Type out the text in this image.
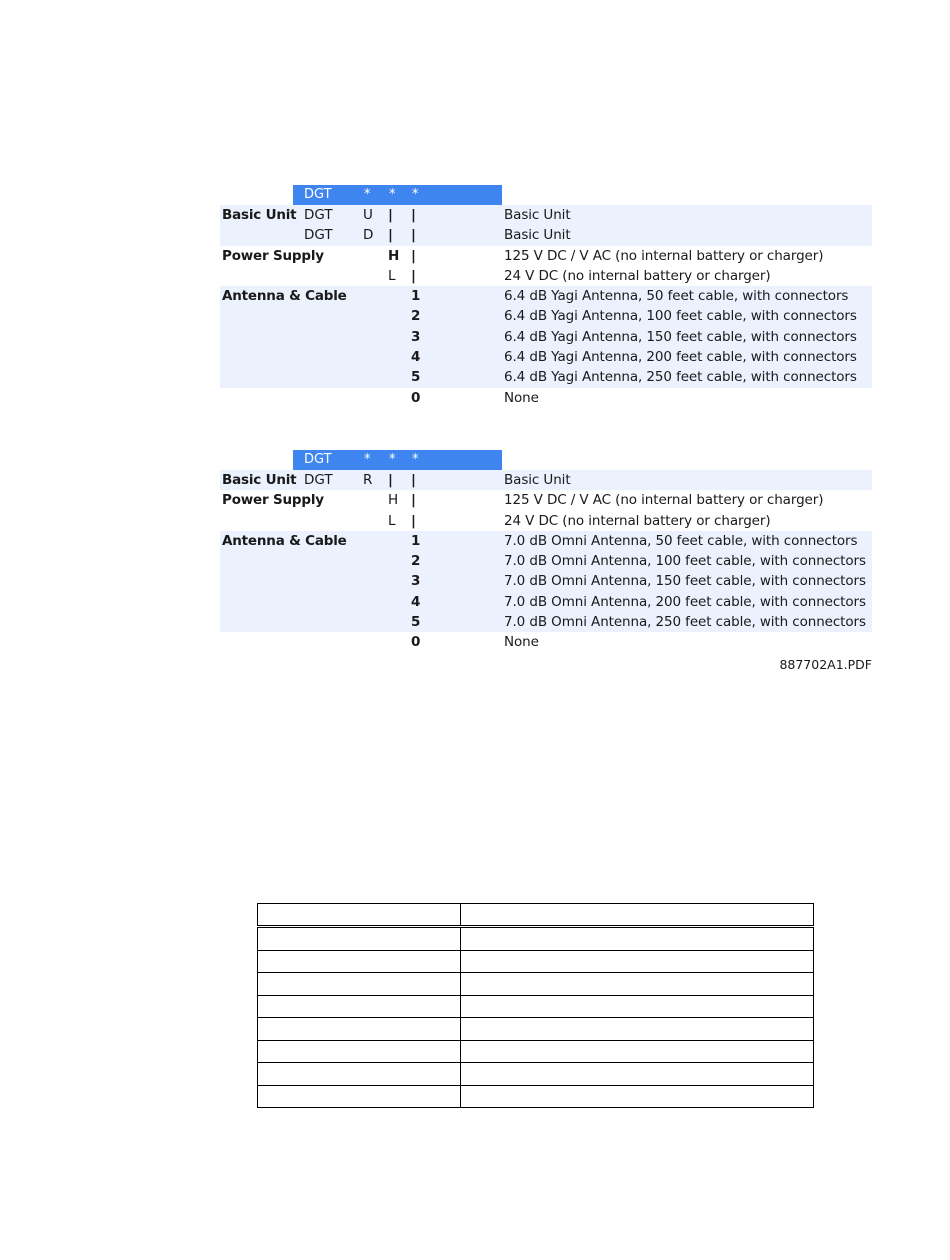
DGT * * *
Basic Unit DGT U | |	Basic Unit
DGT D | |	Basic Unit
Power Supply	H |	125 V DC / V AC (no internal battery or charger)
L |	24 V DC (no internal battery or charger)
Antenna & Cable	1	6.4 dB Yagi Antenna, 50 feet cable, with connectors
2	6.4 dB Yagi Antenna, 100 feet cable, with connectors
3	6.4 dB Yagi Antenna, 150 feet cable, with connectors
4	6.4 dB Yagi Antenna, 200 feet cable, with connectors
5	6.4 dB Yagi Antenna, 250 feet cable, with connectors
0	None
DGT * * *
Basic Unit DGT R | |	Basic Unit
Power Supply	H |	125 V DC / V AC (no internal battery or charger)
L |	24 V DC (no internal battery or charger)
Antenna & Cable	1	7.0 dB Omni Antenna, 50 feet cable, with connectors
2	7.0 dB Omni Antenna, 100 feet cable, with connectors
3	7.0 dB Omni Antenna, 150 feet cable, with connectors
4	7.0 dB Omni Antenna, 200 feet cable, with connectors
5	7.0 dB Omni Antenna, 250 feet cable, with connectors
0	None
887702A1.PDF
